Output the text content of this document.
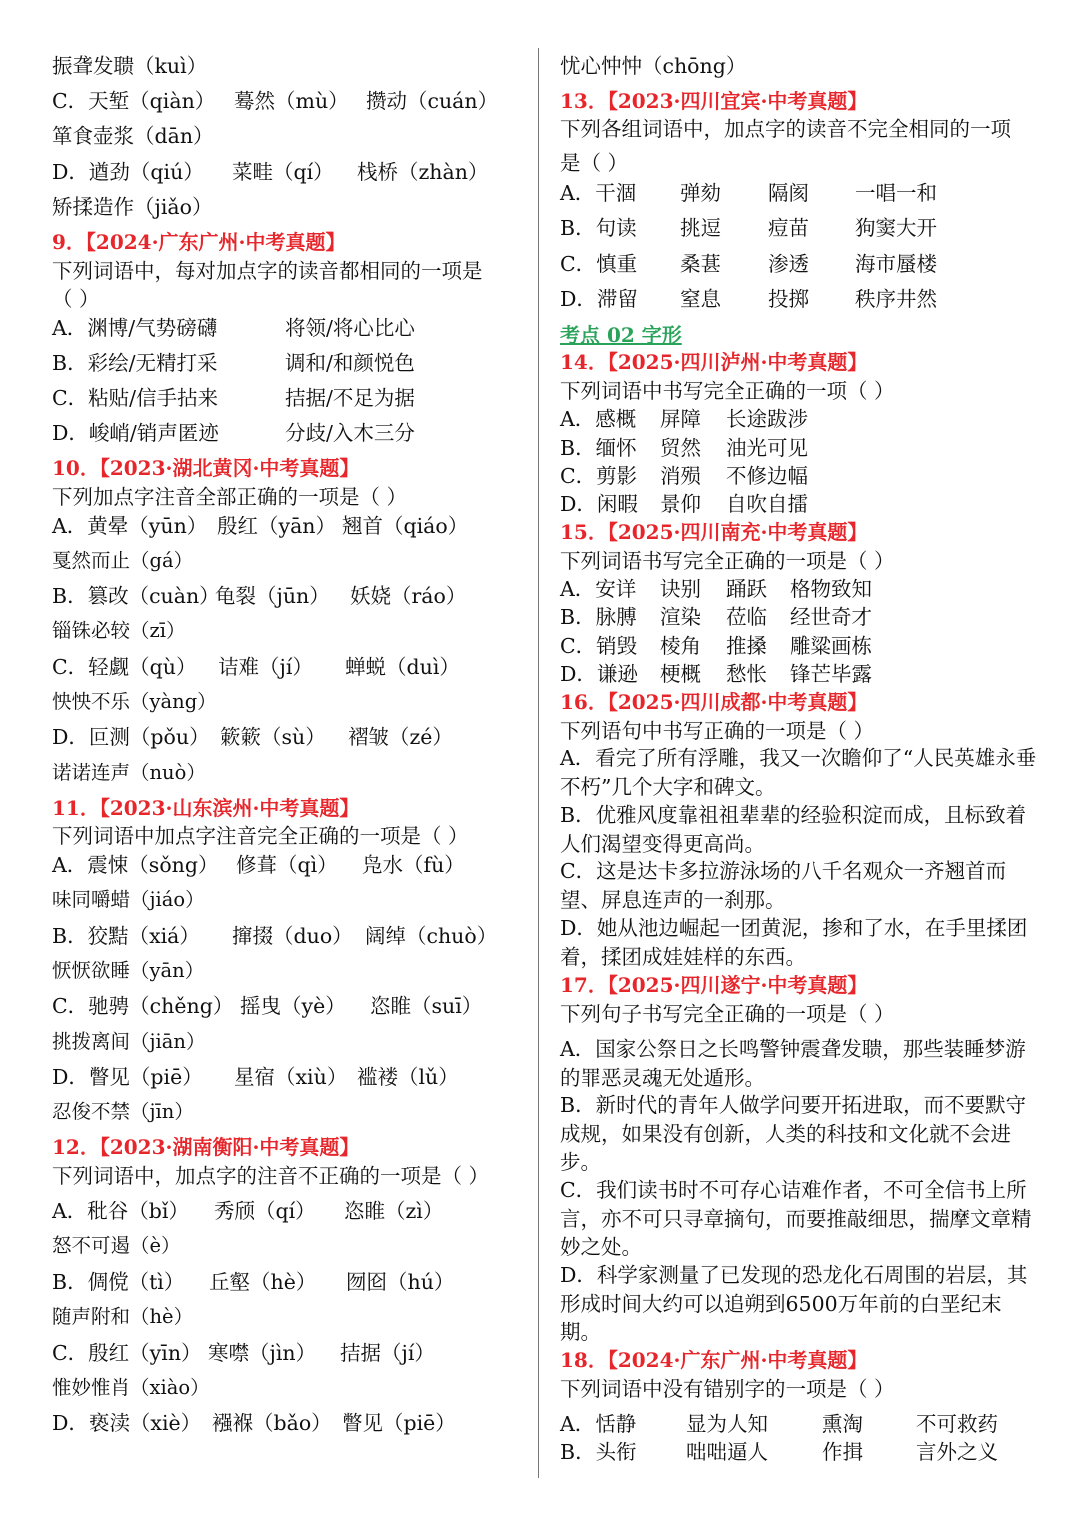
振聋发聩（kuì）
C．天堑（qiàn） 蓦然（mù） 攒动（cuán）
箪食壶浆（dān）
D．遒劲（qiú） 菜畦（qí） 栈桥（zhàn）
矫揉造作（jiǎo）
9．【2024·广东广州·中考真题】
下列词语中，每对加点字的读音都相同的一项是
（ ）
A．渊博/气势磅礴	将领/将心比心
B．彩绘/无精打采	调和/和颜悦色
C．粘贴/信手拈来	拮据/不足为据
D．峻峭/销声匿迹	分歧/入木三分
10．【2023·湖北黄冈·中考真题】
下列加点字注音全部正确的一项是（ ）
A．黄晕（yūn） 殷红（yān） 翘首（qiáo）
戛然而止（gá）
B．篡改（cuàn）
龟裂（jūn） 妖娆（ráo）
锱铢必较（zī）
C．轻觑（qù） 诘难（jí） 蝉蜕（duì）
怏怏不乐（yàng）
D．叵测（pǒu） 簌簌（sù） 褶皱（zé）
诺诺连声（nuò）
11．【2023·山东滨州·中考真题】
下列词语中加点字注音完全正确的一项是（ ）
A．震悚（sǒng） 修葺（qì） 凫水（fù）
味同嚼蜡（jiáo）
B．狡黠（xiá） 撺掇（duo） 阔绰（chuò）
恹恹欲睡（yān）
C．驰骋（chěng） 摇曳（yè） 恣睢（suī）
挑拨离间（jiān）
D．瞥见（piē） 星宿（xiù） 褴褛（lǔ）
忍俊不禁（jīn）
12．【2023·湖南衡阳·中考真题】
下列词语中，加点字的注音不正确的一项是（ ）
A．秕谷（bǐ） 秀颀（qí） 恣睢（zì）
怒不可遏（è）
B．倜傥（tì） 丘壑（hè） 囫囵（hú）
随声附和（hè）
C．殷红（yīn） 寒噤（jìn） 拮据（jí）
惟妙惟肖（xiào）
D．亵渎（xiè） 襁褓（bǎo） 瞥见（piē）
忧心忡忡（chōng）
13．【2023·四川宜宾·中考真题】
下列各组词语中，加点字的读音不完全相同的一项
是（ ）
A．干涸 弹劾 隔阂 一唱一和
B．句读 挑逗 痘苗 狗窦大开
C．慎重 桑葚 渗透 海市蜃楼
D．滞留 窒息 投掷 秩序井然
考点 02 字形
14．【2025·四川泸州·中考真题】
下列词语中书写完全正确的一项（ ）
A．感概 屏障 长途跋涉
B．缅怀 贸然 油光可见
C．剪影 消殒 不修边幅
D．闲暇 景仰 自吹自擂
15．【2025·四川南充·中考真题】
下列词语书写完全正确的一项是（ ）
A．安详 诀别 踊跃 格物致知
B．脉膊 渲染 莅临 经世奇才
C．销毁 棱角 推搡 雕粱画栋
D．谦逊 梗概 愁怅 锋芒毕露
16．【2025·四川成都·中考真题】
下列语句中书写正确的一项是（ ）
A．看完了所有浮雕，我又一次瞻仰了“人民英雄永垂不朽”几个大字和碑文。
B．优雅风度靠祖祖辈辈的经验积淀而成，且标致着人们渴望变得更高尚。
C．这是达卡多拉游泳场的八千名观众一齐翘首而望、屏息连声的一刹那。
D．她从池边崛起一团黄泥，掺和了水，在手里揉团着，揉团成娃娃样的东西。
17．【2025·四川遂宁·中考真题】
下列句子书写完全正确的一项是（ ）
A．国家公祭日之长鸣警钟震聋发聩，那些装睡梦游的罪恶灵魂无处遁形。
B．新时代的青年人做学问要开拓进取，而不要默守成规，如果没有创新，人类的科技和文化就不会进步。
C．我们读书时不可存心诘难作者，不可全信书上所言，亦不可只寻章摘句，而要推敲细思，揣摩文章精妙之处。
D．科学家测量了已发现的恐龙化石周围的岩层，其形成时间大约可以追朔到6500万年前的白垩纪末期。
18．【2024·广东广州·中考真题】
下列词语中没有错别字的一项是（ ）
A．恬静 显为人知	熏淘	不可救药
B．头衔 咄咄逼人	作揖	言外之义
